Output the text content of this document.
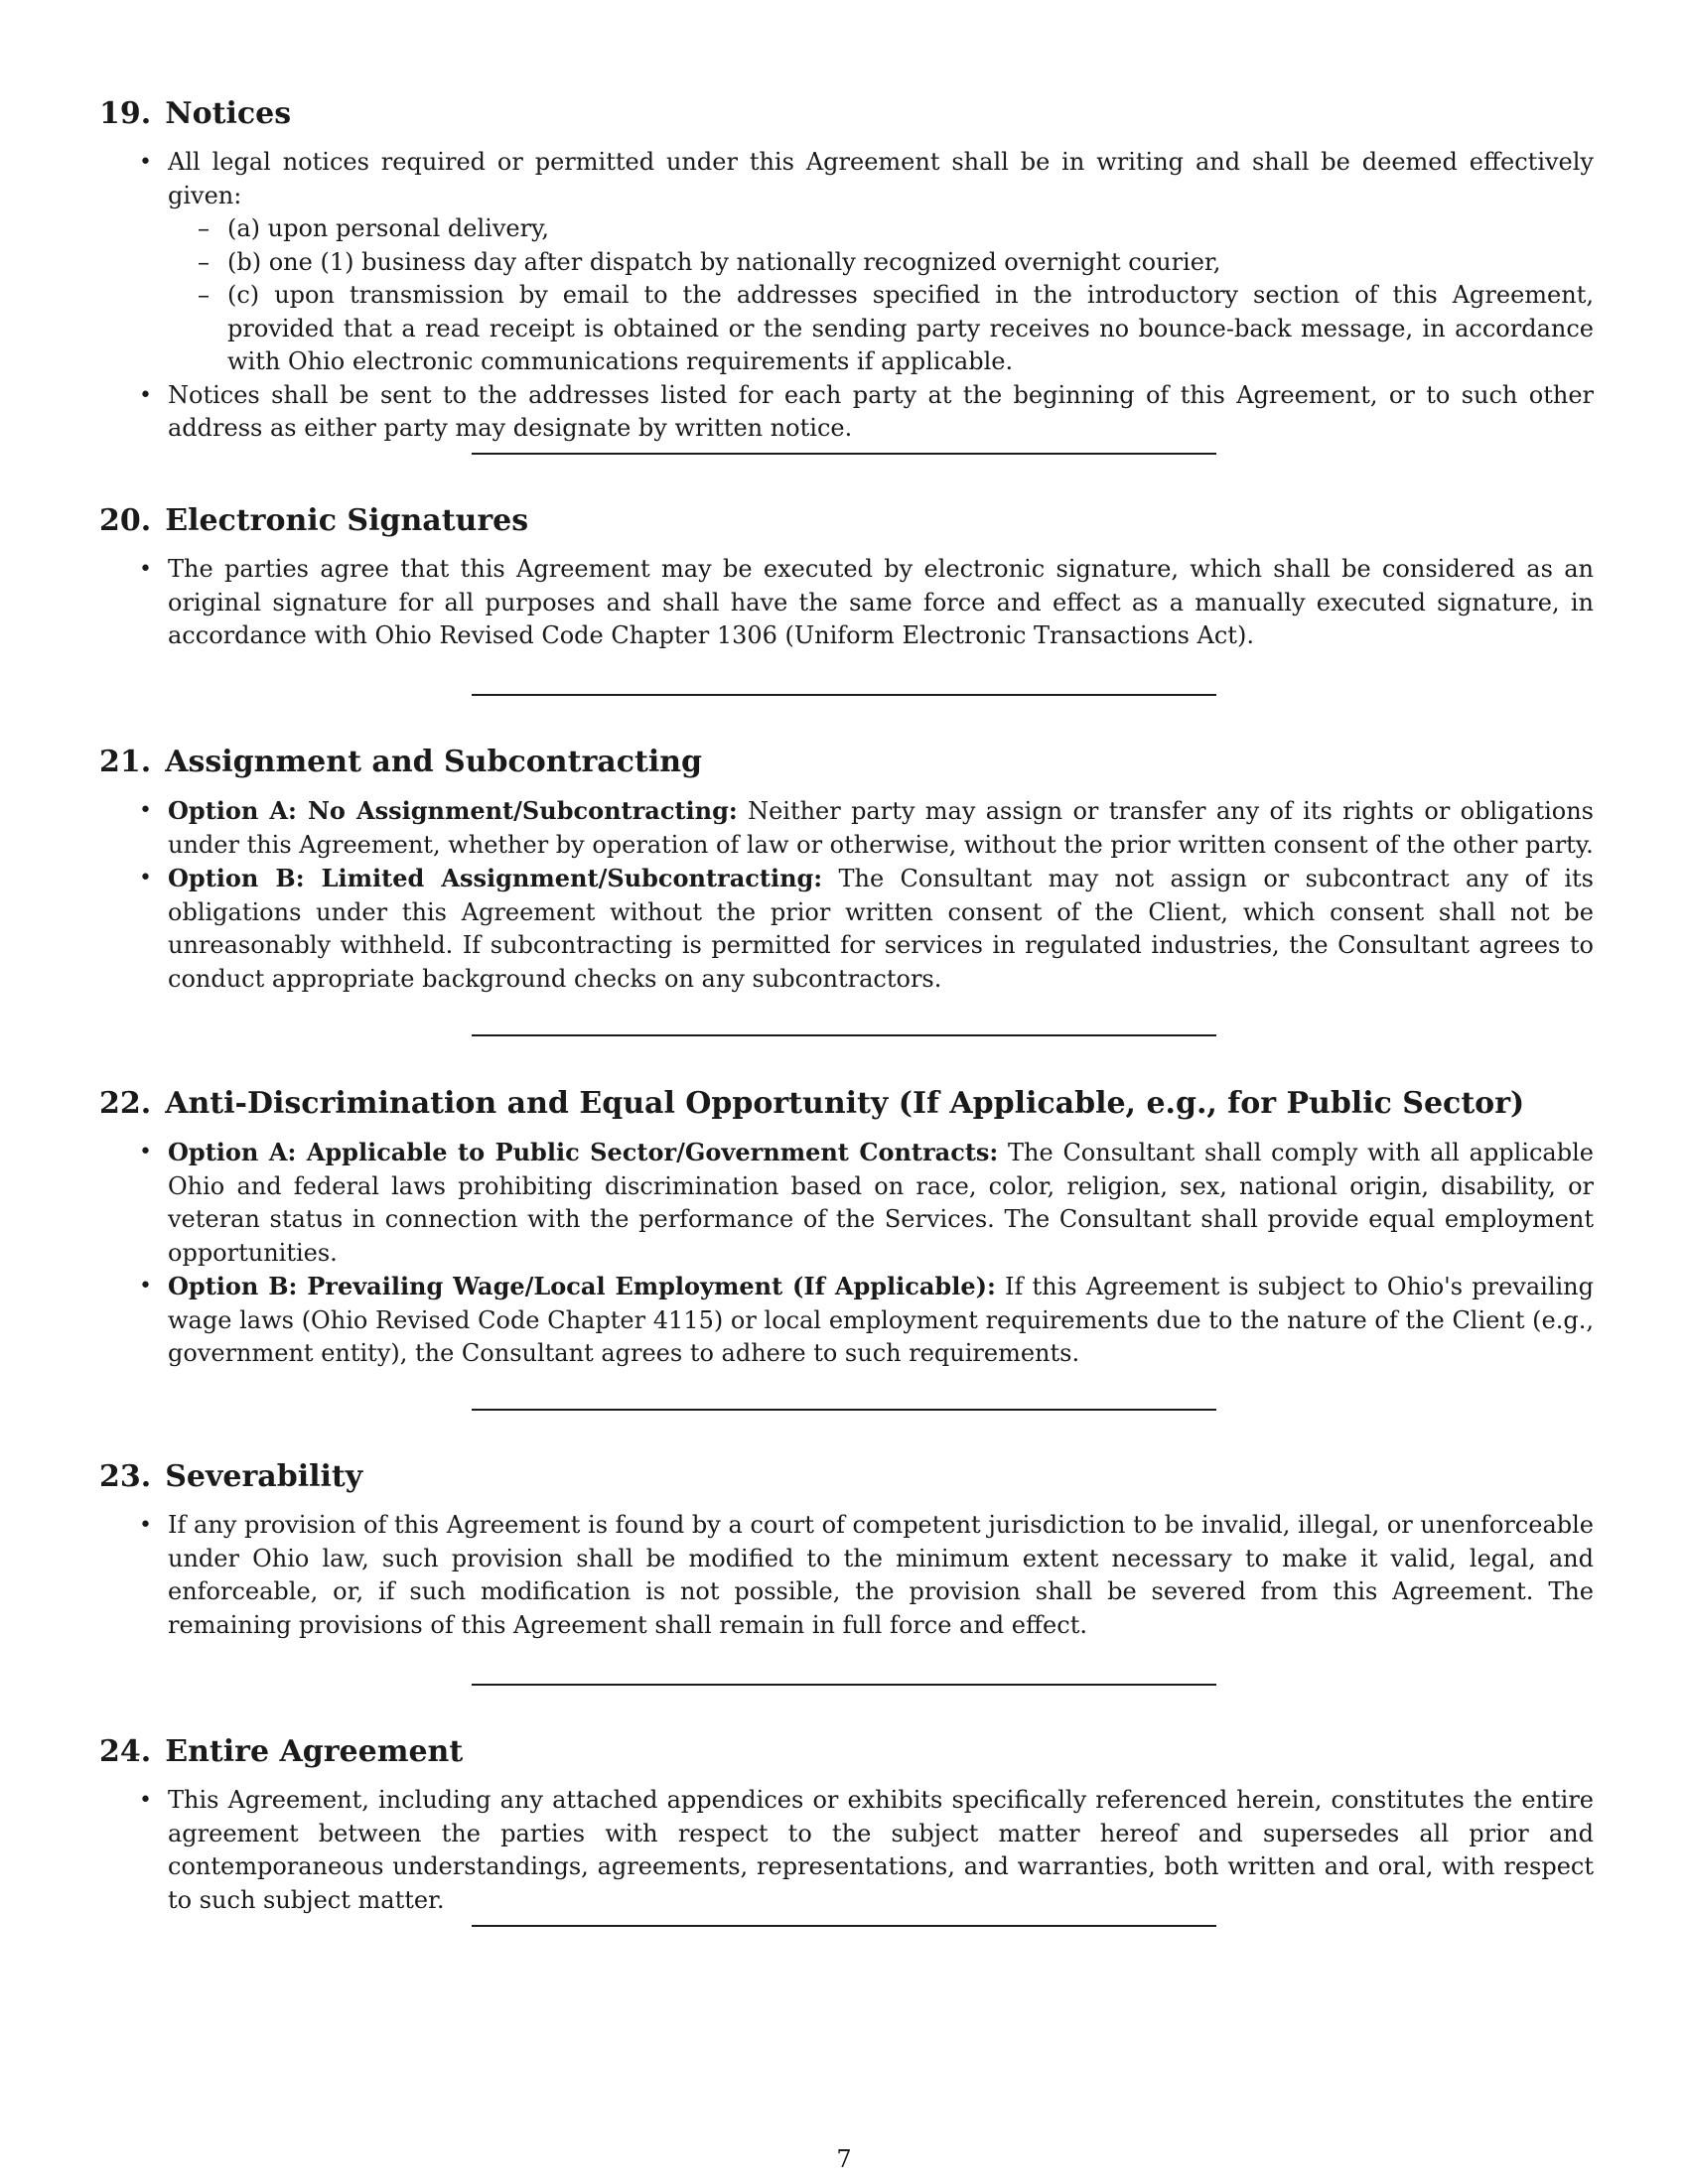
19. Notices
• All legal notices required or permitted under this Agreement shall be in writing and shall be deemed effectively given:
– (a) upon personal delivery,
– (b) one (1) business day after dispatch by nationally recognized overnight courier,
– (c) upon transmission by email to the addresses specified in the introductory section of this Agreement, provided that a read receipt is obtained or the sending party receives no bounce-back message, in accordance with Ohio electronic communications requirements if applicable.
• Notices shall be sent to the addresses listed for each party at the beginning of this Agreement, or to such other address as either party may designate by written notice.
20. Electronic Signatures
• The parties agree that this Agreement may be executed by electronic signature, which shall be considered as an original signature for all purposes and shall have the same force and effect as a manually executed signature, in accordance with Ohio Revised Code Chapter 1306 (Uniform Electronic Transactions Act).
21. Assignment and Subcontracting
• Option A: No Assignment/Subcontracting: Neither party may assign or transfer any of its rights or obligations under this Agreement, whether by operation of law or otherwise, without the prior written consent of the other party.
• Option B: Limited Assignment/Subcontracting: The Consultant may not assign or subcontract any of its obligations under this Agreement without the prior written consent of the Client, which consent shall not be unreasonably withheld. If subcontracting is permitted for services in regulated industries, the Consultant agrees to conduct appropriate background checks on any subcontractors.
22. Anti-Discrimination and Equal Opportunity (If Applicable, e.g., for Public Sector)
• Option A: Applicable to Public Sector/Government Contracts: The Consultant shall comply with all applicable Ohio and federal laws prohibiting discrimination based on race, color, religion, sex, national origin, disability, or veteran status in connection with the performance of the Services. The Consultant shall provide equal employment opportunities.
• Option B: Prevailing Wage/Local Employment (If Applicable): If this Agreement is subject to Ohio's prevailing wage laws (Ohio Revised Code Chapter 4115) or local employment requirements due to the nature of the Client (e.g., government entity), the Consultant agrees to adhere to such requirements.
23. Severability
• If any provision of this Agreement is found by a court of competent jurisdiction to be invalid, illegal, or unenforceable under Ohio law, such provision shall be modified to the minimum extent necessary to make it valid, legal, and enforceable, or, if such modification is not possible, the provision shall be severed from this Agreement. The remaining provisions of this Agreement shall remain in full force and effect.
24. Entire Agreement
• This Agreement, including any attached appendices or exhibits specifically referenced herein, constitutes the entire agreement between the parties with respect to the subject matter hereof and supersedes all prior and contemporaneous understandings, agreements, representations, and warranties, both written and oral, with respect to such subject matter.
7
